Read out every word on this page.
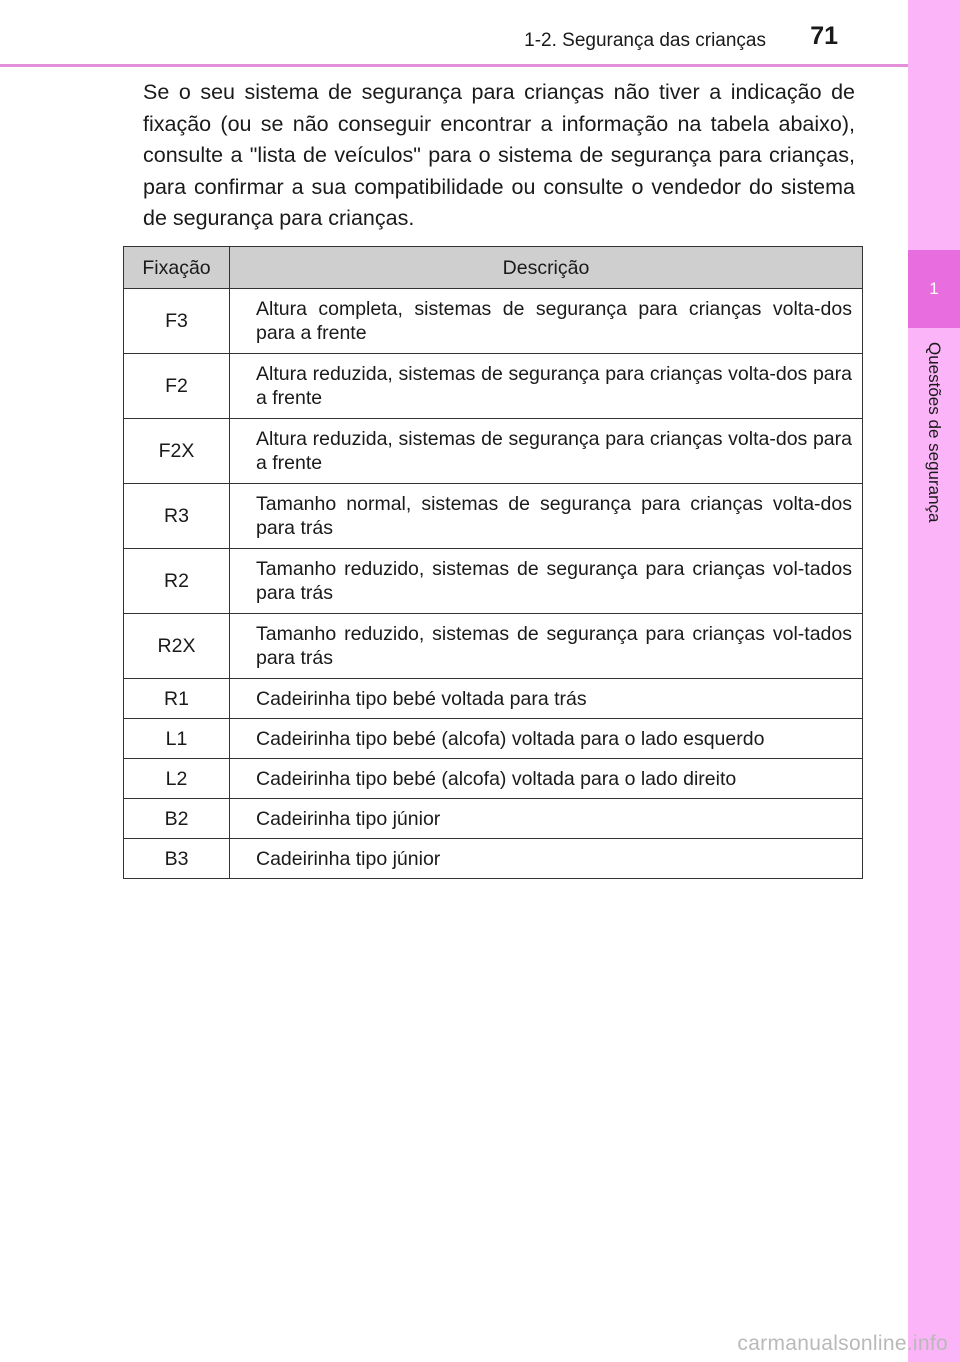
1-2. Segurança das crianças 71
1
Questões de segurança

Se o seu sistema de segurança para crianças não tiver a indicação de fixação (ou se não conseguir encontrar a informação na tabela abaixo), consulte a "lista de veículos" para o sistema de segurança para crianças, para confirmar a sua compatibilidade ou consulte o vendedor do sistema de segurança para crianças.

Fixação	Descrição
F3	Altura completa, sistemas de segurança para crianças volta-dos para a frente
F2	Altura reduzida, sistemas de segurança para crianças volta-dos para a frente
F2X	Altura reduzida, sistemas de segurança para crianças volta-dos para a frente
R3	Tamanho normal, sistemas de segurança para crianças volta-dos para trás
R2	Tamanho reduzido, sistemas de segurança para crianças vol-tados para trás
R2X	Tamanho reduzido, sistemas de segurança para crianças vol-tados para trás
R1	Cadeirinha tipo bebé voltada para trás
L1	Cadeirinha tipo bebé (alcofa) voltada para o lado esquerdo
L2	Cadeirinha tipo bebé (alcofa) voltada para o lado direito
B2	Cadeirinha tipo júnior
B3	Cadeirinha tipo júnior
carmanualsonline.info
